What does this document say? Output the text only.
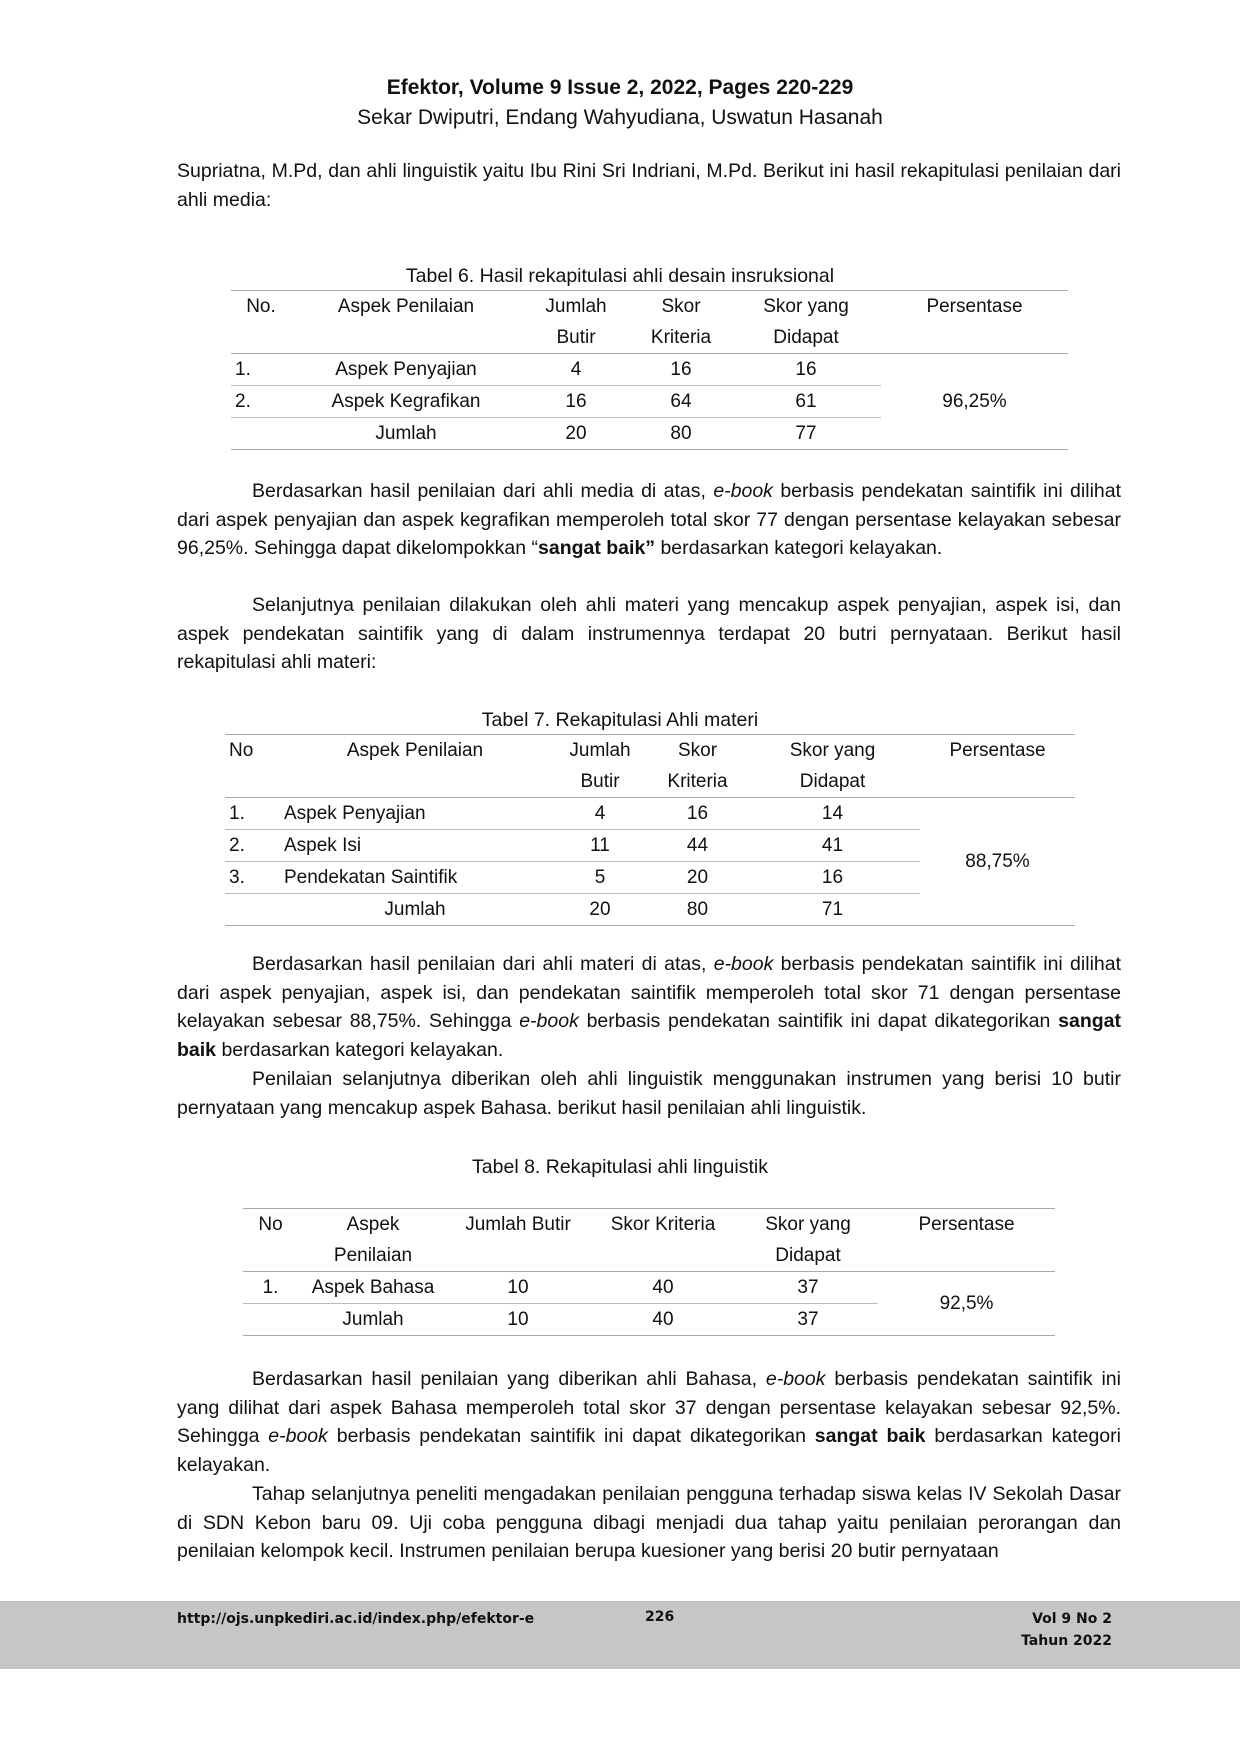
Efektor, Volume 9 Issue 2, 2022, Pages 220-229
Sekar Dwiputri, Endang Wahyudiana, Uswatun Hasanah

Supriatna, M.Pd, dan ahli linguistik yaitu Ibu Rini Sri Indriani, M.Pd. Berikut ini hasil rekapitulasi penilaian dari ahli media:

Tabel 6. Hasil rekapitulasi ahli desain insruksional
No.	Aspek Penilaian	Jumlah	Skor	Skor yang	Persentase
		Butir	Kriteria	Didapat	
1.	Aspek Penyajian	4	16	16	96,25%
2.	Aspek Kegrafikan	16	64	61	
	Jumlah	20	80	77	

Berdasarkan hasil penilaian dari ahli media di atas, e-book berbasis pendekatan saintifik ini dilihat dari aspek penyajian dan aspek kegrafikan memperoleh total skor 77 dengan persentase kelayakan sebesar 96,25%. Sehingga dapat dikelompokkan “sangat baik” berdasarkan kategori kelayakan.

Selanjutnya penilaian dilakukan oleh ahli materi yang mencakup aspek penyajian, aspek isi, dan aspek pendekatan saintifik yang di dalam instrumennya terdapat 20 butri pernyataan. Berikut hasil rekapitulasi ahli materi:

Tabel 7. Rekapitulasi Ahli materi
No	Aspek Penilaian	Jumlah	Skor	Skor yang	Persentase
		Butir	Kriteria	Didapat	
1.	Aspek Penyajian	4	16	14	88,75%
2.	Aspek Isi	11	44	41	
3.	Pendekatan Saintifik	5	20	16	
	Jumlah	20	80	71	

Berdasarkan hasil penilaian dari ahli materi di atas, e-book berbasis pendekatan saintifik ini dilihat dari aspek penyajian, aspek isi, dan pendekatan saintifik memperoleh total skor 71 dengan persentase kelayakan sebesar 88,75%. Sehingga e-book berbasis pendekatan saintifik ini dapat dikategorikan sangat baik berdasarkan kategori kelayakan.

Penilaian selanjutnya diberikan oleh ahli linguistik menggunakan instrumen yang berisi 10 butir pernyataan yang mencakup aspek Bahasa. berikut hasil penilaian ahli linguistik.

Tabel 8. Rekapitulasi ahli linguistik
No	Aspek	Jumlah Butir	Skor Kriteria	Skor yang	Persentase
	Penilaian			Didapat	
1.	Aspek Bahasa	10	40	37	92,5%
	Jumlah	10	40	37	

Berdasarkan hasil penilaian yang diberikan ahli Bahasa, e-book berbasis pendekatan saintifik ini yang dilihat dari aspek Bahasa memperoleh total skor 37 dengan persentase kelayakan sebesar 92,5%. Sehingga e-book berbasis pendekatan saintifik ini dapat dikategorikan sangat baik berdasarkan kategori kelayakan.

Tahap selanjutnya peneliti mengadakan penilaian pengguna terhadap siswa kelas IV Sekolah Dasar di SDN Kebon baru 09. Uji coba pengguna dibagi menjadi dua tahap yaitu penilaian perorangan dan penilaian kelompok kecil. Instrumen penilaian berupa kuesioner yang berisi 20 butir pernyataan

http://ojs.unpkediri.ac.id/index.php/efektor-e	226	Vol 9 No 2
Tahun 2022
